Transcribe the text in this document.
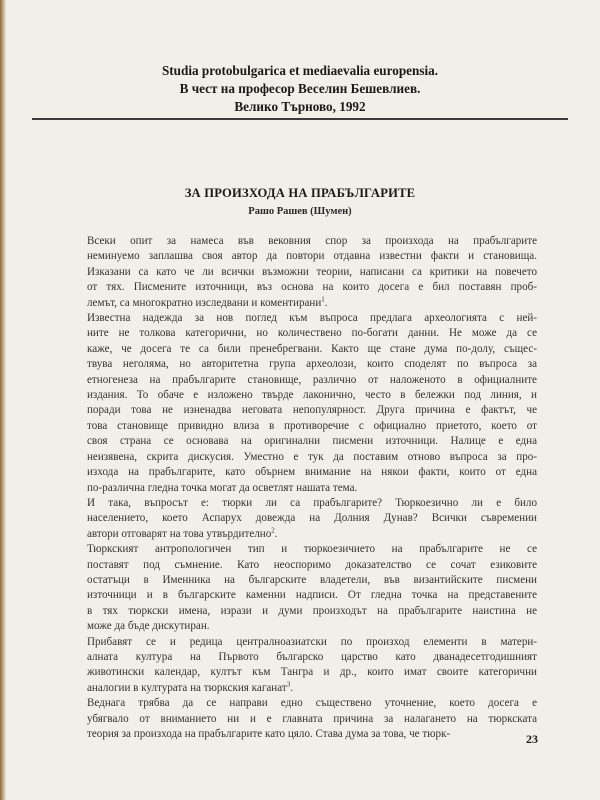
Studia protobulgarica et mediaevalia europensia.
В чест на професор Веселин Бешевлиев.
Велико Търново, 1992
ЗА ПРОИЗХОДА НА ПРАБЪЛГАРИТЕ
Рашо Рашев (Шумен)

Всеки опит за намеса във вековния спор за произхода на прабългарите
неминуемо заплашва своя автор да повтори отдавна известни факти и становища.
Изказани са като че ли всички възможни теории, написани са критики на повечето
от тях. Писмените източници, въз основа на които досега е бил поставян проб-
лемът, са многократно изследвани и коментирани$^1$.

Известна надежда за нов поглед към въпроса предлага археологията с ней-
ните не толкова категорични, но количествено по-богати данни. Не може да се
каже, че досега те са били пренебрегвани. Както ще стане дума по-долу, същес-
твува неголяма, но авторитетна група археолози, които споделят по въпроса за
етногенеза на прабългарите становище, различно от наложеното в официалните
издания. То обаче е изложено твърде лаконично, често в бележки под линия, и
поради това не изненадва неговата непопулярност. Друга причина е фактът, че
това становище привидно влиза в противоречие с официално приетото, което от
своя страна се основава на оригинални писмени източници. Налице е една
неизявена, скрита дискусия. Уместно е тук да поставим отново въпроса за про-
изхода на прабългарите, като обърнем внимание на някои факти, които от една
по-различна гледна точка могат да осветлят нашата тема.

И така, въпросът е: тюрки ли са прабългарите? Тюркоезично ли е било
населението, което Аспарух довежда на Долния Дунав? Всички съвремении
автори отговарят на това утвърдително$^2$.

Тюркският антропологичен тип и тюркоезичието на прабългарите не се
поставят под съмнение. Като неоспоримо доказателство се сочат езиковите
остатъци в Именника на българските владетели, във византийските писмени
източници и в българските каменни надписи. От гледна точка на представените
в тях тюркски имена, изрази и думи произходът на прабългарите наистина не
може да бъде дискутиран.

Прибавят се и редица централноазиатски по произход елементи в матери-
алната култура на Първото българско царство като дванадесетгодишният
животински календар, култът към Тангра и др., които имат своите категорични
аналогии в културата на тюркския каганат$^3$.

Веднага трябва да се направи едно съществено уточнение, което досега е
убягвало от вниманието ни и е главната причина за налагането на тюркската
теория за произхода на прабългарите като цяло. Става дума за това, че тюрк-	23
